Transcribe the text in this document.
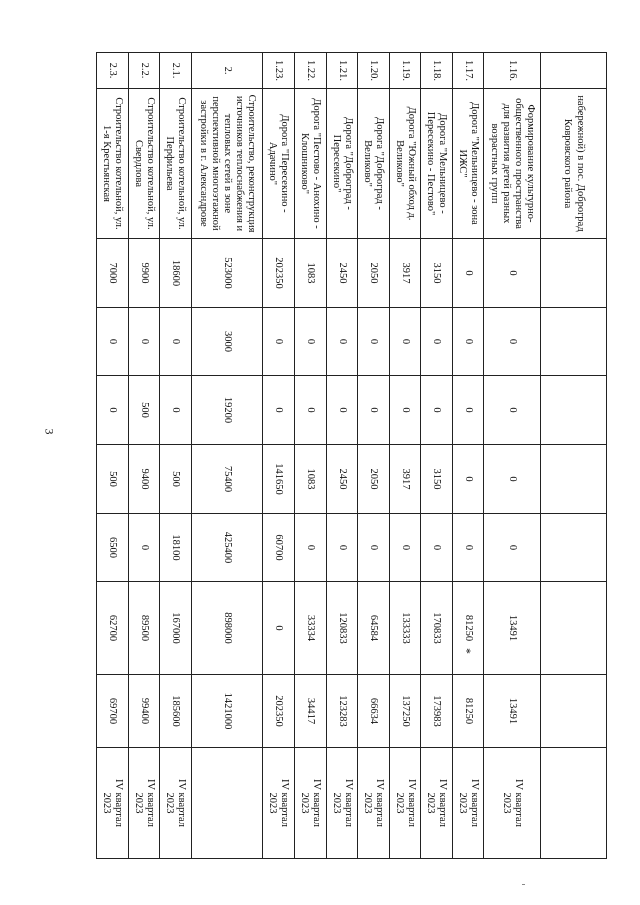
3
	набережной) в пос. Доброград Ковровского района								
1.16.	Формирование культурно-общественного пространства для развития детей разных возрастных групп	0	0	0	0	0	13491	13491	IV квартал
2023
1.17.	Дорога "Мельницево - зона ИЖС"	0	0	0	0	0	81250	81250	IV квартал
2023
1.18.	Дорога "Мельницево - Пересекино - Пестово"	3150	0	0	3150	0	170833	173983	IV квартал
2023
1.19.	Дорога "Южный обход д. Великово"	3917	0	0	3917	0	133333	137250	IV квартал
2023
1.20.	Дорога "Доброград - Великово"	2050	0	0	2050	0	64584	66634	IV квартал
2023
1.21.	Дорога "Доброград - Пересекино"	2450	0	0	2450	0	120833	123283	IV квартал
2023
1.22.	Дорога "Пестово - Анохино - Клошниково"	1083	0	0	1083	0	33334	34417	IV квартал
2023
1.23.	Дорога "Пересекино - Адачино"	202350	0	0	141650	60700	0	202350	IV квартал
2023
2.	Строительство, реконструкция источников теплоснабжения и тепловых сетей в зоне перспективной многоэтажной застройки в г. Александрове	523000	3000	19200	75400	425400	898000	1421000	
2.1.	Строительство котельной, ул. Перфильева	18600	0	0	500	18100	167000	185600	IV квартал
2023
2.2.	Строительство котельной, ул. Свердлова	9900	0	500	9400	0	89500	99400	IV квартал
2023
2.3.	Строительство котельной, ул. 1-я Крестьянская	7000	0	0	500	6500	62700	69700	IV квартал
2023
*
